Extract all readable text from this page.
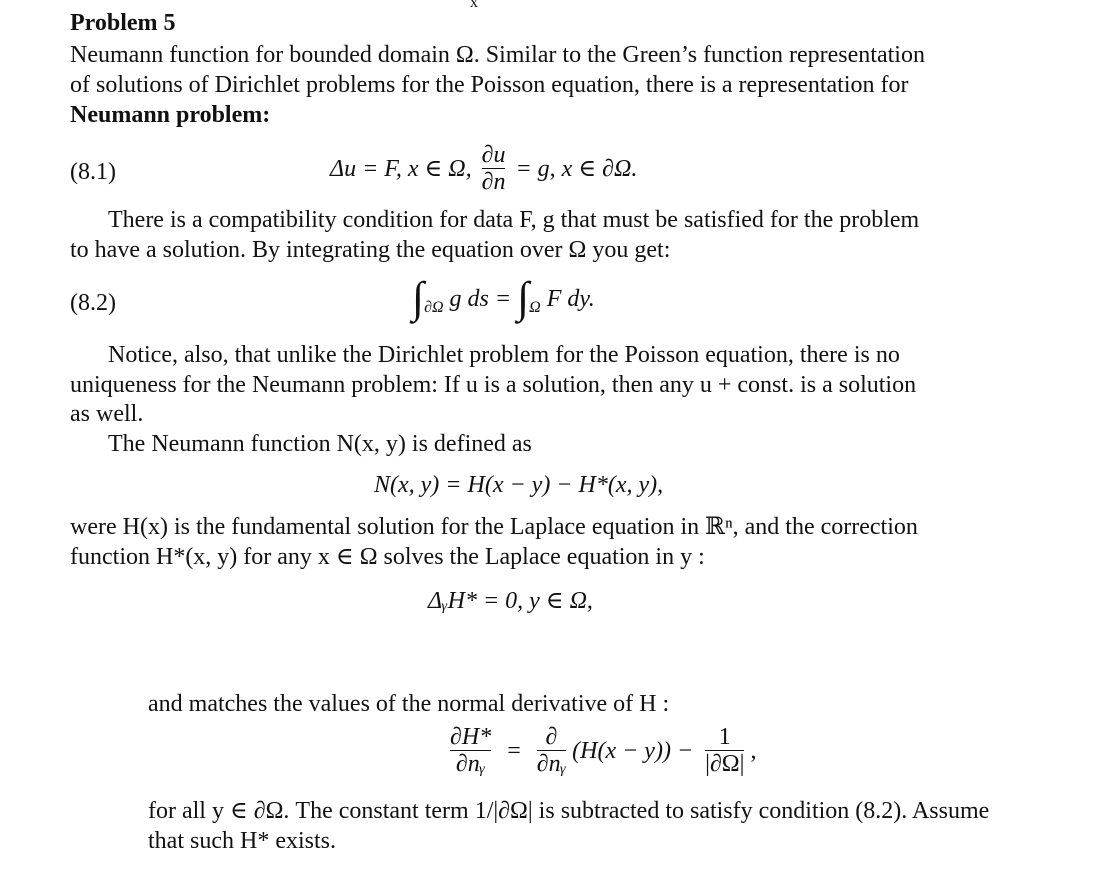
x
Problem 5
Neumann function for bounded domain Ω. Similar to the Green’s function representation
of solutions of Dirichlet problems for the Poisson equation, there is a representation for
Neumann problem:
(8.1)	Δu = F, x ∈ Ω, $\frac{\partial u}{\partial n} = g$, x ∈ ∂Ω.
There is a compatibility condition for data F, g that must be satisfied for the problem
to have a solution. By integrating the equation over Ω you get:
(8.2)	$\int_{\partial\Omega}$ g ds = $\int_\Omega$ F dy.
Notice, also, that unlike the Dirichlet problem for the Poisson equation, there is no
uniqueness for the Neumann problem: If u is a solution, then any u + const. is a solution
as well.
The Neumann function N(x, y) is defined as
N(x, y) = H(x − y) − H*(x, y),
were H(x) is the fundamental solution for the Laplace equation in ℝⁿ, and the correction
function H*(x, y) for any x ∈ Ω solves the Laplace equation in y :
ΔᵧH* = 0, y ∈ Ω,
and matches the values of the normal derivative of H :
$\frac{\partial H*}{\text{∂nᵧ}} = \frac{\partial}{\text{∂nᵧ}} (H(x - y)) - \frac{1}{|\partial\Omega|}$ ,
for all y ∈ ∂Ω. The constant term 1/|∂Ω| is subtracted to satisfy condition (8.2). Assume
that such H* exists.
